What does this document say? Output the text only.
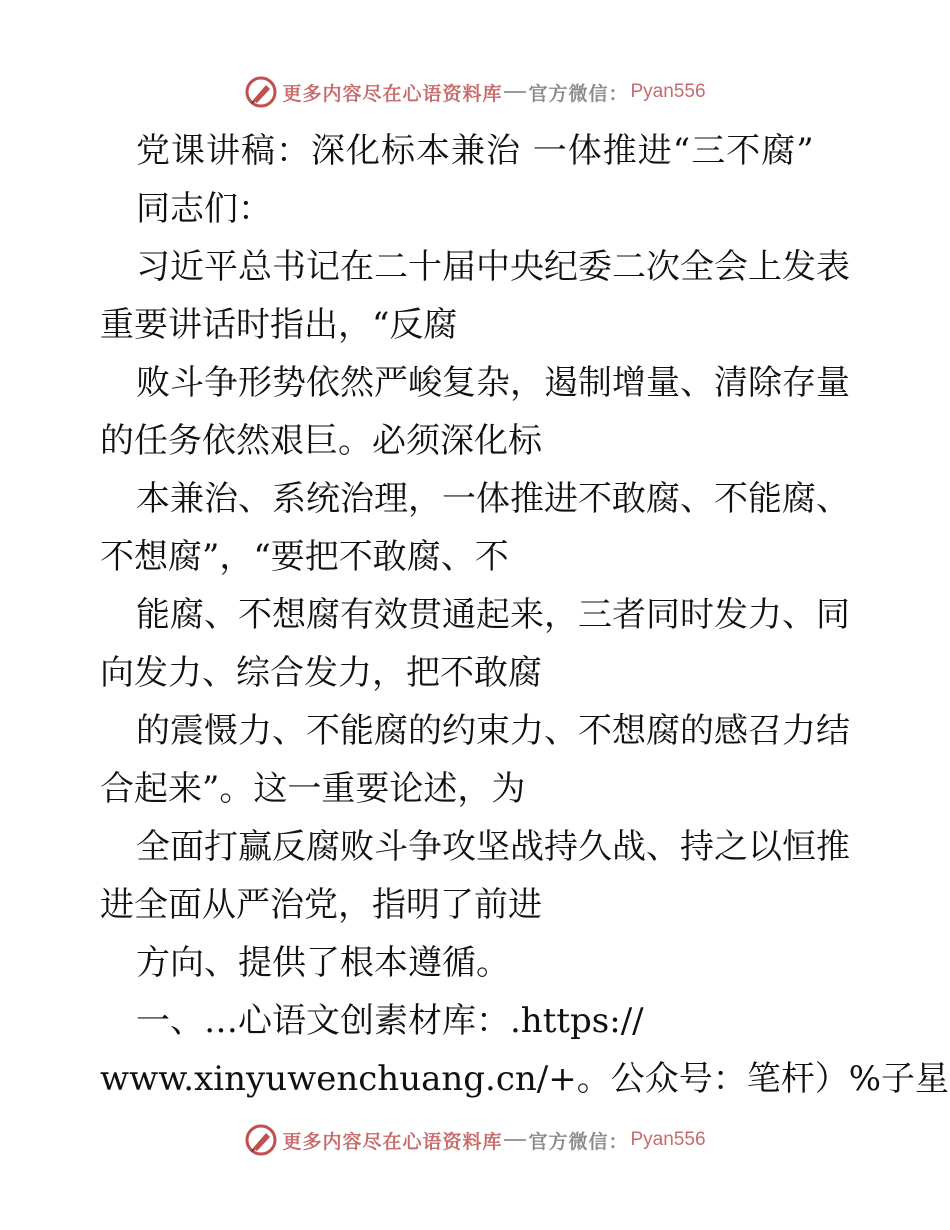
更多内容尽在心语资料库 官方微信： Pyan556
党课讲稿：深化标本兼治 一体推进“三不腐”
同志们：
习近平总书记在二十届中央纪委二次全会上发表
重要讲话时指出，“反腐
败斗争形势依然严峻复杂，遏制增量、清除存量
的任务依然艰巨。必须深化标
本兼治、系统治理，一体推进不敢腐、不能腐、
不想腐”，“要把不敢腐、不
能腐、不想腐有效贯通起来，三者同时发力、同
向发力、综合发力，把不敢腐
的震慑力、不能腐的约束力、不想腐的感召力结
合起来”。这一重要论述，为
全面打赢反腐败斗争攻坚战持久战、持之以恒推
进全面从严治党，指明了前进
方向、提供了根本遵循。
一、…心语文创素材库：.https://
www.xinyuwenchuang.cn/+。公众号：笔杆）%子星
更多内容尽在心语资料库 官方微信： Pyan556
